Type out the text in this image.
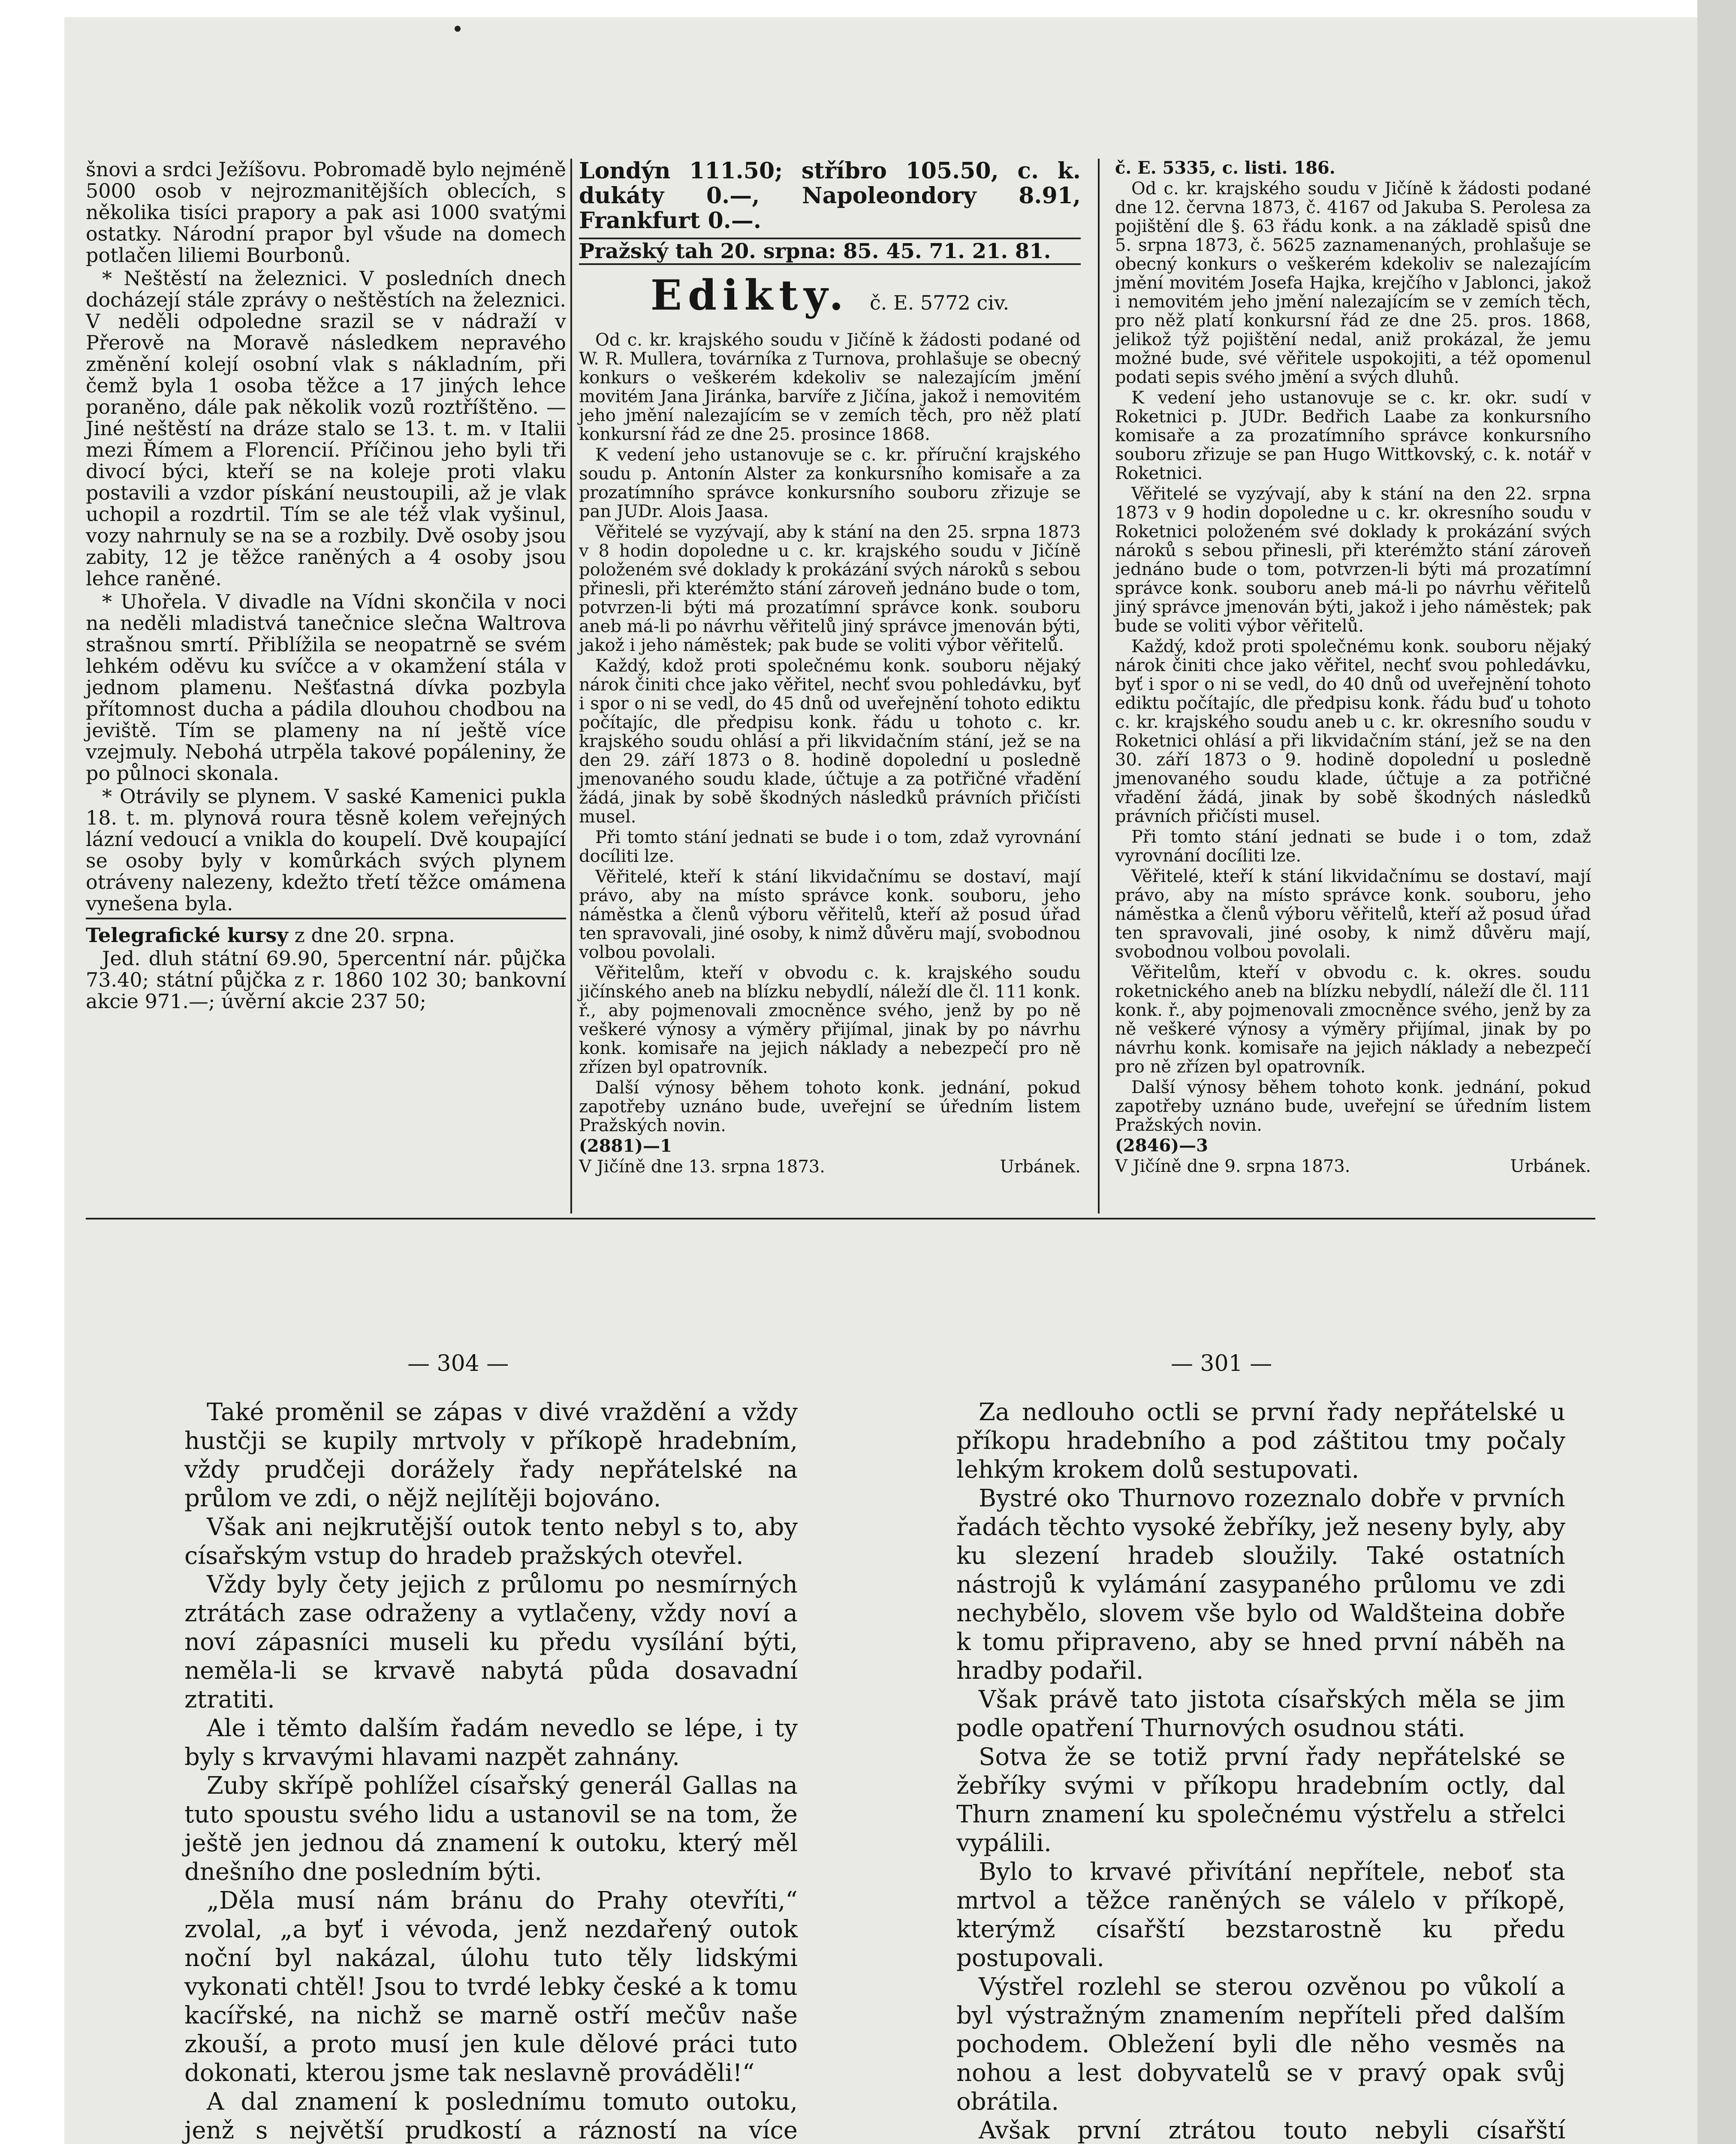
šnovi a srdci Ježíšovu. Pobromadě bylo nejméně 5000 osob v nejrozmanitějších oblecích, s několika tisíci prapory a pak asi 1000 svatými ostatky. Národní prapor byl všude na domech potlačen liliemi Bourbonů.

* Neštěstí na železnici. V posledních dnech docházejí stále zprávy o neštěstích na železnici. V neděli odpoledne srazil se v nádraží v Přerově na Moravě následkem nepravého změnění kolejí osobní vlak s nákladním, při čemž byla 1 osoba těžce a 17 jiných lehce poraněno, dále pak několik vozů roztříštěno. — Jiné neštěstí na dráze stalo se 13. t. m. v Italii mezi Římem a Florencií. Příčinou jeho byli tři divocí býci, kteří se na koleje proti vlaku postavili a vzdor pískání neustoupili, až je vlak uchopil a rozdrtil. Tím se ale též vlak vyšinul, vozy nahrnuly se na se a rozbily. Dvě osoby jsou zabity, 12 je těžce raněných a 4 osoby jsou lehce raněné.

* Uhořela. V divadle na Vídni skončila v noci na neděli mladistvá tanečnice slečna Waltrova strašnou smrtí. Přiblížila se neopatrně se svém lehkém oděvu ku svíčce a v okamžení stála v jednom plamenu. Nešťastná dívka pozbyla přítomnost ducha a pádila dlouhou chodbou na jeviště. Tím se plameny na ní ještě více vzejmuly. Nebohá utrpěla takové popáleniny, že po půlnoci skonala.

* Otrávily se plynem. V saské Kamenici pukla 18. t. m. plynová roura těsně kolem veřejných lázní vedoucí a vnikla do koupelí. Dvě koupající se osoby byly v komůrkách svých plynem otráveny nalezeny, kdežto třetí těžce omámena vynešena byla.

Telegrafické kursy z dne 20. srpna.

Jed. dluh státní 69.90, 5percentní nár. půjčka 73.40; státní půjčka z r. 1860 102 30; bankovní akcie 971.—; úvěrní akcie 237 50;

Londýn 111.50; stříbro 105.50, c. k. dukáty 0.—, Napoleondory 8.91, Frankfurt 0.—.

Pražský tah 20. srpna: 85. 45. 71. 21. 81.

Edikty. č. E. 5772 civ.

Od c. kr. krajského soudu v Jičíně k žádosti podané od W. R. Mullera, továrníka z Turnova, prohlašuje se obecný konkurs o veškerém kdekoliv se nalezajícím jmění movitém Jana Jiránka, barvíře z Jičína, jakož i nemovitém jeho jmění nalezajícím se v zemích těch, pro něž platí konkursní řád ze dne 25. prosince 1868.

K vedení jeho ustanovuje se c. kr. příruční krajského soudu p. Antonín Alster za konkursního komisaře a za prozatímního správce konkursního souboru zřizuje se pan JUDr. Alois Jaasa.

Věřitelé se vyzývají, aby k stání na den 25. srpna 1873 v 8 hodin dopoledne u c. kr. krajského soudu v Jičíně položeném své doklady k prokázání svých nároků s sebou přinesli, při kterémžto stání zároveň jednáno bude o tom, potvrzen-li býti má prozatímní správce konk. souboru aneb má-li po návrhu věřitelů jiný správce jmenován býti, jakož i jeho náměstek; pak bude se voliti výbor věřitelů.

Každý, kdož proti společnému konk. souboru nějaký nárok činiti chce jako věřitel, nechť svou pohledávku, byť i spor o ni se vedl, do 45 dnů od uveřejnění tohoto ediktu počítajíc, dle předpisu konk. řádu u tohoto c. kr. krajského soudu ohlásí a při likvidačním stání, jež se na den 29. září 1873 o 8. hodině dopolední u posledně jmenovaného soudu klade, účtuje a za potřičné vřadění žádá, jinak by sobě škodných následků právních přičísti musel.

Při tomto stání jednati se bude i o tom, zdaž vyrovnání docíliti lze.

Věřitelé, kteří k stání likvidačnímu se dostaví, mají právo, aby na místo správce konk. souboru, jeho náměstka a členů výboru věřitelů, kteří až posud úřad ten spravovali, jiné osoby, k nimž důvěru mají, svobodnou volbou povolali.

Věřitelům, kteří v obvodu c. k. krajského soudu jičínského aneb na blízku nebydlí, náleží dle čl. 111 konk. ř., aby pojmenovali zmocněnce svého, jenž by po ně veškeré výnosy a výměry přijímal, jinak by po návrhu konk. komisaře na jejich náklady a nebezpečí pro ně zřízen byl opatrovník.

Další výnosy během tohoto konk. jednání, pokud zapotřeby uznáno bude, uveřejní se úředním listem Pražských novin.

(2881)—1

V Jičíně dne 13. srpna 1873.	Urbánek.

č. E. 5335, c. listi. 186.

Od c. kr. krajského soudu v Jičíně k žádosti podané dne 12. června 1873, č. 4167 od Jakuba S. Perolesa za pojištění dle §. 63 řádu konk. a na základě spisů dne 5. srpna 1873, č. 5625 zaznamenaných, prohlašuje se obecný konkurs o veškerém kdekoliv se nalezajícím jmění movitém Josefa Hajka, krejčího v Jablonci, jakož i nemovitém jeho jmění nalezajícím se v zemích těch, pro něž platí konkursní řád ze dne 25. pros. 1868, jelikož týž pojištění nedal, aniž prokázal, že jemu možné bude, své věřitele uspokojiti, a též opomenul podati sepis svého jmění a svých dluhů.

K vedení jeho ustanovuje se c. kr. okr. sudí v Roketnici p. JUDr. Bedřich Laabe za konkursního komisaře a za prozatímního správce konkursního souboru zřizuje se pan Hugo Wittkovský, c. k. notář v Roketnici.

Věřitelé se vyzývají, aby k stání na den 22. srpna 1873 v 9 hodin dopoledne u c. kr. okresního soudu v Roketnici položeném své doklady k prokázání svých nároků s sebou přinesli, při kterémžto stání zároveň jednáno bude o tom, potvrzen-li býti má prozatímní správce konk. souboru aneb má-li po návrhu věřitelů jiný správce jmenován býti, jakož i jeho náměstek; pak bude se voliti výbor věřitelů.

Každý, kdož proti společnému konk. souboru nějaký nárok činiti chce jako věřitel, nechť svou pohledávku, byť i spor o ni se vedl, do 40 dnů od uveřejnění tohoto ediktu počítajíc, dle předpisu konk. řádu buď u tohoto c. kr. krajského soudu aneb u c. kr. okresního soudu v Roketnici ohlásí a při likvidačním stání, jež se na den 30. září 1873 o 9. hodině dopolední u posledně jmenovaného soudu klade, účtuje a za potřičné vřadění žádá, jinak by sobě škodných následků právních přičísti musel.

Při tomto stání jednati se bude i o tom, zdaž vyrovnání docíliti lze.

Věřitelé, kteří k stání likvidačnímu se dostaví, mají právo, aby na místo správce konk. souboru, jeho náměstka a členů výboru věřitelů, kteří až posud úřad ten spravovali, jiné osoby, k nimž důvěru mají, svobodnou volbou povolali.

Věřitelům, kteří v obvodu c. k. okres. soudu roketnického aneb na blízku nebydlí, náleží dle čl. 111 konk. ř., aby pojmenovali zmocněnce svého, jenž by za ně veškeré výnosy a výměry přijímal, jinak by po návrhu konk. komisaře na jejich náklady a nebezpečí pro ně zřízen byl opatrovník.

Další výnosy během tohoto konk. jednání, pokud zapotřeby uznáno bude, uveřejní se úředním listem Pražských novin.

(2846)—3

V Jičíně dne 9. srpna 1873.	Urbánek.

— 304 —	— 301 —

Také proměnil se zápas v divé vraždění a vždy hustčji se kupily mrtvoly v příkopě hradebním, vždy prudčeji dorážely řady nepřátelské na průlom ve zdi, o nějž nejlítěji bojováno.

Však ani nejkrutější outok tento nebyl s to, aby císařským vstup do hradeb pražských otevřel.

Vždy byly čety jejich z průlomu po nesmírných ztrátách zase odraženy a vytlačeny, vždy noví a noví zápasníci museli ku předu vysílání býti, neměla-li se krvavě nabytá půda dosavadní ztratiti.

Ale i těmto dalším řadám nevedlo se lépe, i ty byly s krvavými hlavami nazpět zahnány.

Zuby skřípě pohlížel císařský generál Gallas na tuto spoustu svého lidu a ustanovil se na tom, že ještě jen jednou dá znamení k outoku, který měl dnešního dne posledním býti.

„Děla musí nám bránu do Prahy otevříti,“ zvolal, „a byť i vévoda, jenž nezdařený outok noční byl nakázal, úlohu tuto těly lidskými vykonati chtěl! Jsou to tvrdé lebky české a k tomu kacířské, na nichž se marně ostří mečův naše zkouší, a proto musí jen kule dělové práci tuto dokonati, kterou jsme tak neslavně prováděli!“

A dal znamení k poslednímu tomuto outoku, jenž s největší prudkostí a rázností na více

Za nedlouho octli se první řady nepřátelské u příkopu hradebního a pod záštitou tmy počaly lehkým krokem dolů sestupovati.

Bystré oko Thurnovo rozeznalo dobře v prvních řadách těchto vysoké žebříky, jež neseny byly, aby ku slezení hradeb sloužily. Také ostatních nástrojů k vylámání zasypaného průlomu ve zdi nechybělo, slovem vše bylo od Waldšteina dobře k tomu připraveno, aby se hned první náběh na hradby podařil.

Však právě tato jistota císařských měla se jim podle opatření Thurnových osudnou státi.

Sotva že se totiž první řady nepřátelské se žebříky svými v příkopu hradebním octly, dal Thurn znamení ku společnému výstřelu a střelci vypálili.

Bylo to krvavé přivítání nepřítele, neboť sta mrtvol a těžce raněných se válelo v příkopě, kterýmž císařští bezstarostně ku předu postupovali.

Výstřel rozlehl se sterou ozvěnou po vůkolí a byl výstražným znamením nepříteli před dalším pochodem. Obležení byli dle něho vesměs na nohou a lest dobyvatelů se v pravý opak svůj obrátila.

Avšak první ztrátou touto nebyli císařští
